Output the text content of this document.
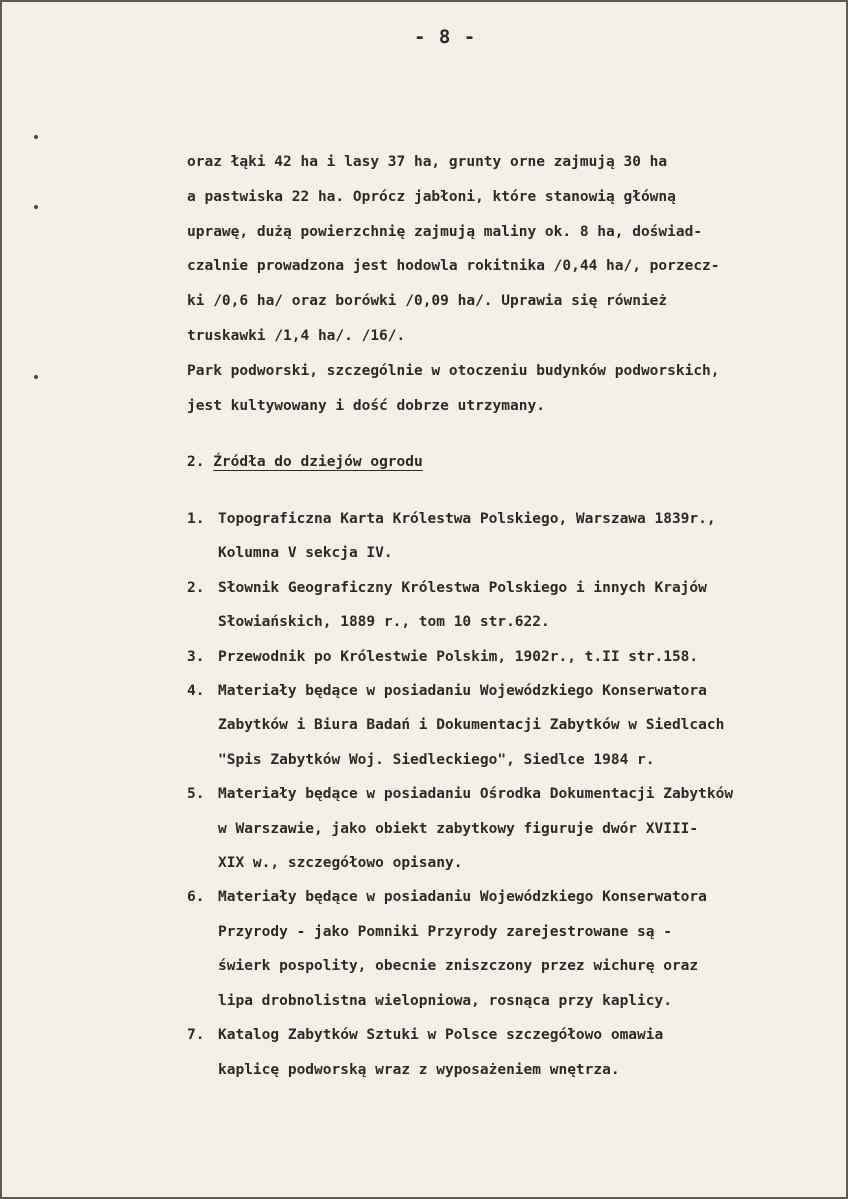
- 8 -
oraz łąki 42 ha i lasy 37 ha, grunty orne zajmują 30 ha
a pastwiska 22 ha. Oprócz jabłoni, które stanowią główną
uprawę, dużą powierzchnię zajmują maliny ok. 8 ha, doświad-
czalnie prowadzona jest hodowla rokitnika /0,44 ha/, porzecz-
ki /0,6 ha/ oraz borówki /0,09 ha/. Uprawia się również
truskawki /1,4 ha/. /16/.
Park podworski, szczególnie w otoczeniu budynków podworskich,
jest kultywowany i dość dobrze utrzymany.
2. Źródła do dziejów ogrodu
1. Topograficzna Karta Królestwa Polskiego, Warszawa 1839r.,
Kolumna V sekcja IV.
2. Słownik Geograficzny Królestwa Polskiego i innych Krajów
Słowiańskich, 1889 r., tom 10 str.622.
3. Przewodnik po Królestwie Polskim, 1902r., t.II str.158.
4. Materiały będące w posiadaniu Wojewódzkiego Konserwatora
Zabytków i Biura Badań i Dokumentacji Zabytków w Siedlcach
"Spis Zabytków Woj. Siedleckiego", Siedlce 1984 r.
5. Materiały będące w posiadaniu Ośrodka Dokumentacji Zabytków
w Warszawie, jako obiekt zabytkowy figuruje dwór XVIII-
XIX w., szczegółowo opisany.
6. Materiały będące w posiadaniu Wojewódzkiego Konserwatora
Przyrody - jako Pomniki Przyrody zarejestrowane są -
świerk pospolity, obecnie zniszczony przez wichurę oraz
lipa drobnolistna wielopniowa, rosnąca przy kaplicy.
7. Katalog Zabytków Sztuki w Polsce szczegółowo omawia
kaplicę podworską wraz z wyposażeniem wnętrza.
